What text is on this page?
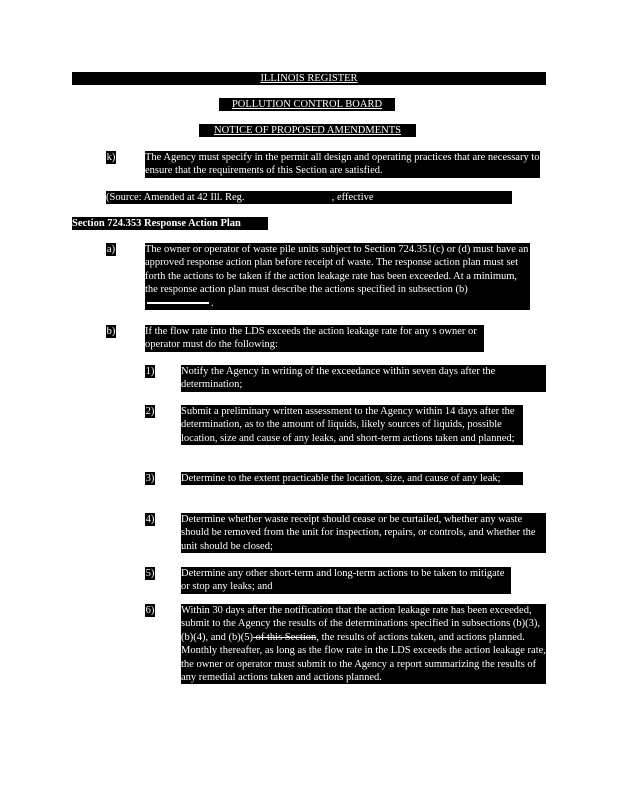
ILLINOIS REGISTER
POLLUTION CONTROL BOARD
NOTICE OF PROPOSED AMENDMENTS
k)	The Agency must specify in the permit all design and operating practices that are necessary to ensure that the requirements of this Section are satisfied.

(Source: Amended at 42 Ill. Reg.	, effective	)
Section 724.353 Response Action Plan
a)	The owner or operator of waste pile units subject to Section 724.351(c) or (d) must have an approved response action plan before receipt of waste. The response action plan must set forth the actions to be taken if the action leakage rate has been exceeded. At a minimum, the response action plan must describe the actions specified in subsection (b).

b)	If the flow rate into the LDS exceeds the action leakage rate for any s owner or operator must do the following:

1)	Notify the Agency in writing of the exceedance within seven days after the determination;

2)	Submit a preliminary written assessment to the Agency within 14 days after the determination, as to the amount of liquids, likely sources of liquids, possible location, size and cause of any leaks, and short-term actions taken and planned;

3)	Determine to the extent practicable the location, size, and cause of any leak;

4)	Determine whether waste receipt should cease or be curtailed, whether any waste should be removed from the unit for inspection, repairs, or controls, and whether the unit should be closed;

5)	Determine any other short-term and long-term actions to be taken to mitigate or stop any leaks; and

6)	Within 30 days after the notification that the action leakage rate has been exceeded, submit to the Agency the results of the determinations specified in subsections (b)(3), (b)(4), and (b)(5) of this Section, the results of actions taken, and actions planned. Monthly thereafter, as long as the flow rate in the LDS exceeds the action leakage rate, the owner or operator must submit to the Agency a report summarizing the results of any remedial actions taken and actions planned.
